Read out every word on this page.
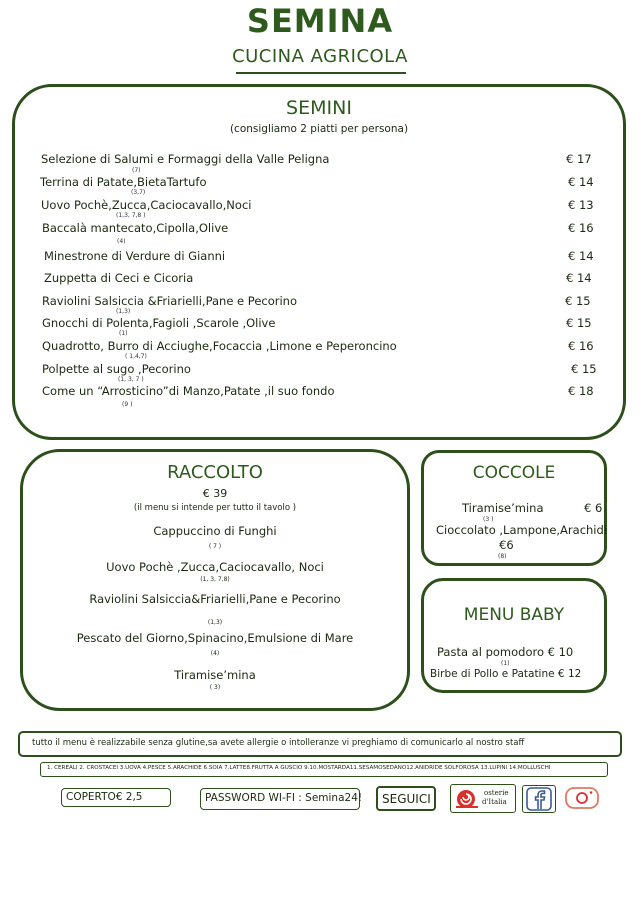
SEMINA
CUCINA AGRICOLA
SEMINI
(consigliamo 2 piatti per persona)
Selezione di Salumi e Formaggi della Valle Peligna	€ 17
(7)
Terrina di Patate,BietaTartufo	€ 14
(3,7)
Uovo Pochè,Zucca,Caciocavallo,Noci	€ 13
(1,3, 7,8 )
Baccalà mantecato,Cipolla,Olive	€ 16
(4)
Minestrone di Verdure di Gianni	€ 14
Zuppetta di Ceci e Cicoria	€ 14
Raviolini Salsiccia &Friarielli,Pane e Pecorino	€ 15
(1,3)
Gnocchi di Polenta,Fagioli ,Scarole ,Olive	€ 15
(1)
Quadrotto, Burro di Acciughe,Focaccia ,Limone e Peperoncino	€ 16
( 1,4,7)
Polpette al sugo ,Pecorino	€ 15
(1, 3, 7 )
Come un “Arrosticino”di Manzo,Patate ,il suo fondo	€ 18
(9 )
RACCOLTO
€ 39
(il menu si intende per tutto il tavolo )
Cappuccino di Funghi
( 7 )
Uovo Pochè ,Zucca,Caciocavallo, Noci
(1, 3, 7,8)
Raviolini Salsiccia&Friarielli,Pane e Pecorino
(1,3)
Pescato del Giorno,Spinacino,Emulsione di Mare
(4)
Tiramise’mina
( 3)
COCCOLE
Tiramise’mina	€ 6
(3 )
Cioccolato ,Lampone,Arachidi
€6
(8)
MENU BABY
Pasta al pomodoro € 10
(1)
Birbe di Pollo e Patatine € 12
tutto il menu è realizzabile senza glutine,sa avete allergie o intolleranze vi preghiamo di comunicarlo al nostro staff
1. CEREALI 2. CROSTACEI 3.UOVA 4.PESCE 5.ARACHIDE 6.SOIA 7.LATTE8.FRUTTA A GUSCIO 9.10.MOSTARDA11.SESAMOSEDANO12.ANIDRIDE SOLFOROSA 13.LUPINI 14.MOLLUSCHI
COPERTO€ 2,5	PASSWORD WI-FI : Semina24!	SEGUICI	osterie
d'Italia
